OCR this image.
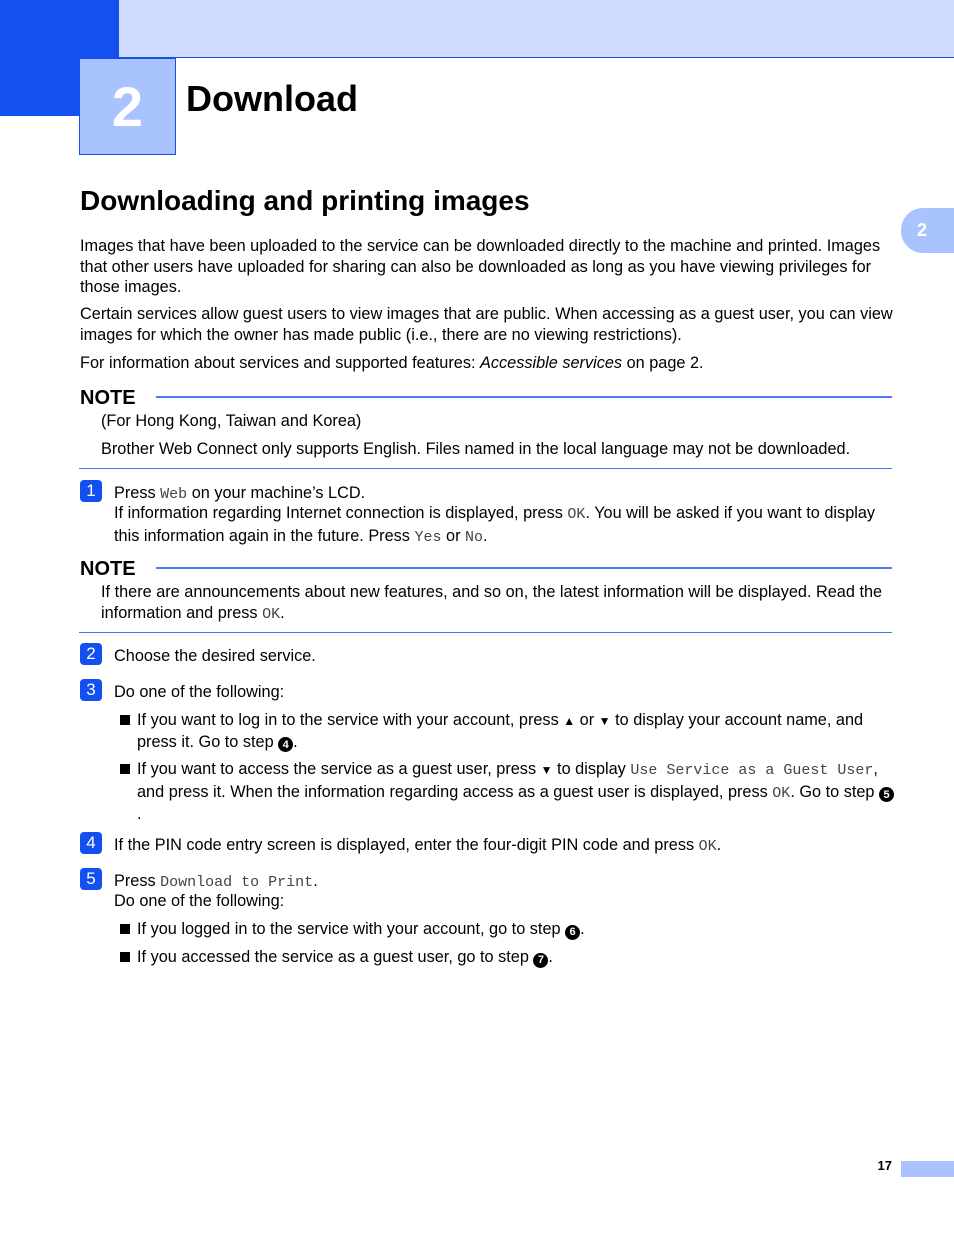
2	Download
2
Downloading and printing images
Images that have been uploaded to the service can be downloaded directly to the machine and printed. Images that other users have uploaded for sharing can also be downloaded as long as you have viewing privileges for those images.
Certain services allow guest users to view images that are public. When accessing as a guest user, you can view images for which the owner has made public (i.e., there are no viewing restrictions).
For information about services and supported features: Accessible services on page 2.
NOTE
(For Hong Kong, Taiwan and Korea)
Brother Web Connect only supports English. Files named in the local language may not be downloaded.
1	Press Web on your machine’s LCD.
If information regarding Internet connection is displayed, press OK. You will be asked if you want to display this information again in the future. Press Yes or No.
NOTE
If there are announcements about new features, and so on, the latest information will be displayed. Read the information and press OK.
2	Choose the desired service.
3	Do one of the following:
If you want to log in to the service with your account, press ▲ or ▼ to display your account name, and press it. Go to step 4 .
If you want to access the service as a guest user, press ▼ to display Use Service as a Guest User, and press it. When the information regarding access as a guest user is displayed, press OK. Go to step 5.
4	If the PIN code entry screen is displayed, enter the four-digit PIN code and press OK.
5	Press Download to Print.
Do one of the following:
If you logged in to the service with your account, go to step 6 .
If you accessed the service as a guest user, go to step 7 .
17
